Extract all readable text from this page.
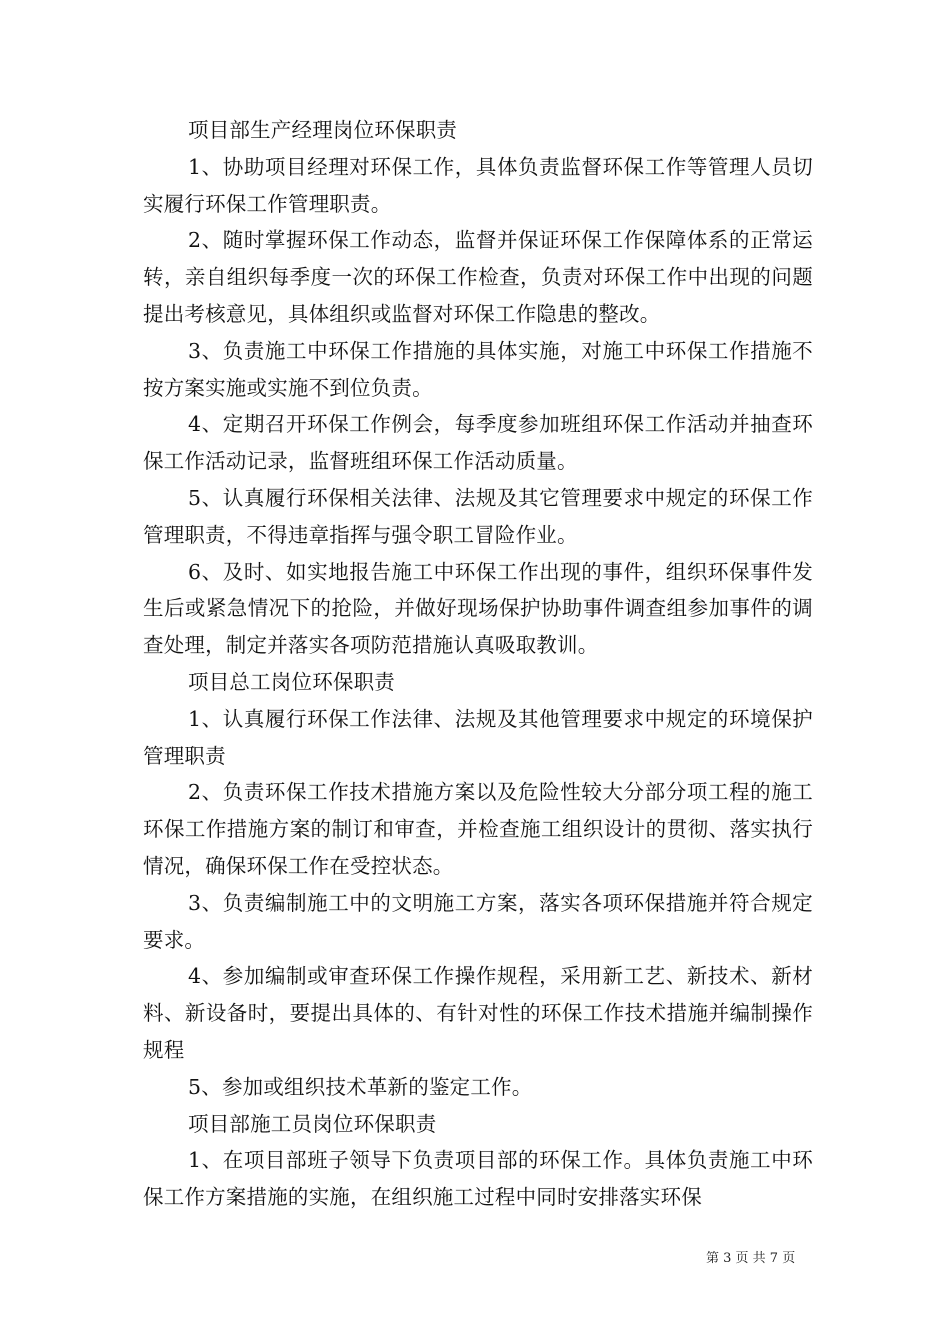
项目部生产经理岗位环保职责

1、协助项目经理对环保工作，具体负责监督环保工作等管理人员切实履行环保工作管理职责。

2、随时掌握环保工作动态，监督并保证环保工作保障体系的正常运转，亲自组织每季度一次的环保工作检查，负责对环保工作中出现的问题提出考核意见，具体组织或监督对环保工作隐患的整改。

3、负责施工中环保工作措施的具体实施，对施工中环保工作措施不按方案实施或实施不到位负责。

4、定期召开环保工作例会，每季度参加班组环保工作活动并抽查环保工作活动记录，监督班组环保工作活动质量。

5、认真履行环保相关法律、法规及其它管理要求中规定的环保工作管理职责，不得违章指挥与强令职工冒险作业。

6、及时、如实地报告施工中环保工作出现的事件，组织环保事件发生后或紧急情况下的抢险，并做好现场保护协助事件调查组参加事件的调查处理，制定并落实各项防范措施认真吸取教训。

项目总工岗位环保职责

1、认真履行环保工作法律、法规及其他管理要求中规定的环境保护管理职责

2、负责环保工作技术措施方案以及危险性较大分部分项工程的施工环保工作措施方案的制订和审查，并检查施工组织设计的贯彻、落实执行情况，确保环保工作在受控状态。

3、负责编制施工中的文明施工方案，落实各项环保措施并符合规定要求。

4、参加编制或审查环保工作操作规程，采用新工艺、新技术、新材料、新设备时，要提出具体的、有针对性的环保工作技术措施并编制操作规程

5、参加或组织技术革新的鉴定工作。

项目部施工员岗位环保职责

1、在项目部班子领导下负责项目部的环保工作。具体负责施工中环保工作方案措施的实施，在组织施工过程中同时安排落实环保

第 3 页 共 7 页
